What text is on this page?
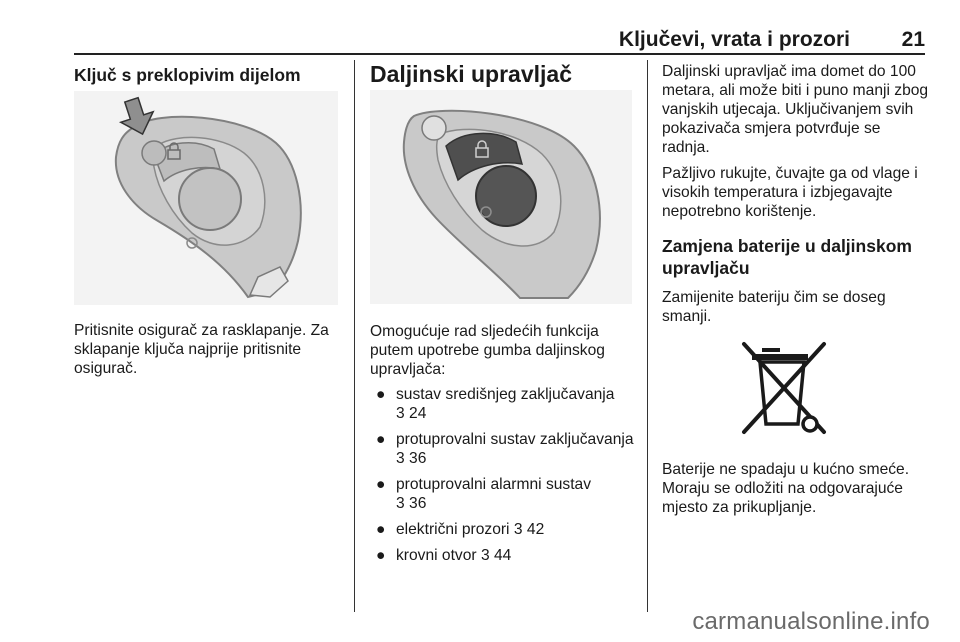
Ključevi, vrata i prozori 21
Ključ s preklopivim dijelom

Pritisnite osigurač za rasklapanje. Za sklapanje ključa najprije pritisnite osigurač.

Daljinski upravljač

Omogućuje rad sljedećih funkcija putem upotrebe gumba daljinskog upravljača:

● sustav središnjeg zaključavanja
3 24
● protuprovalni sustav zaključavanja 3 36
● protuprovalni alarmni sustav
3 36
● električni prozori 3 42
● krovni otvor 3 44

Daljinski upravljač ima domet do 100 metara, ali može biti i puno manji zbog vanjskih utjecaja. Uključivanjem svih pokazivača smjera potvrđuje se radnja.

Pažljivo rukujte, čuvajte ga od vlage i visokih temperatura i izbjegavajte nepotrebno korištenje.

Zamjena baterije u daljinskom upravljaču

Zamijenite bateriju čim se doseg smanji.

Baterije ne spadaju u kućno smeće. Moraju se odložiti na odgovarajuće mjesto za prikupljanje.

carmanualsonline.info
